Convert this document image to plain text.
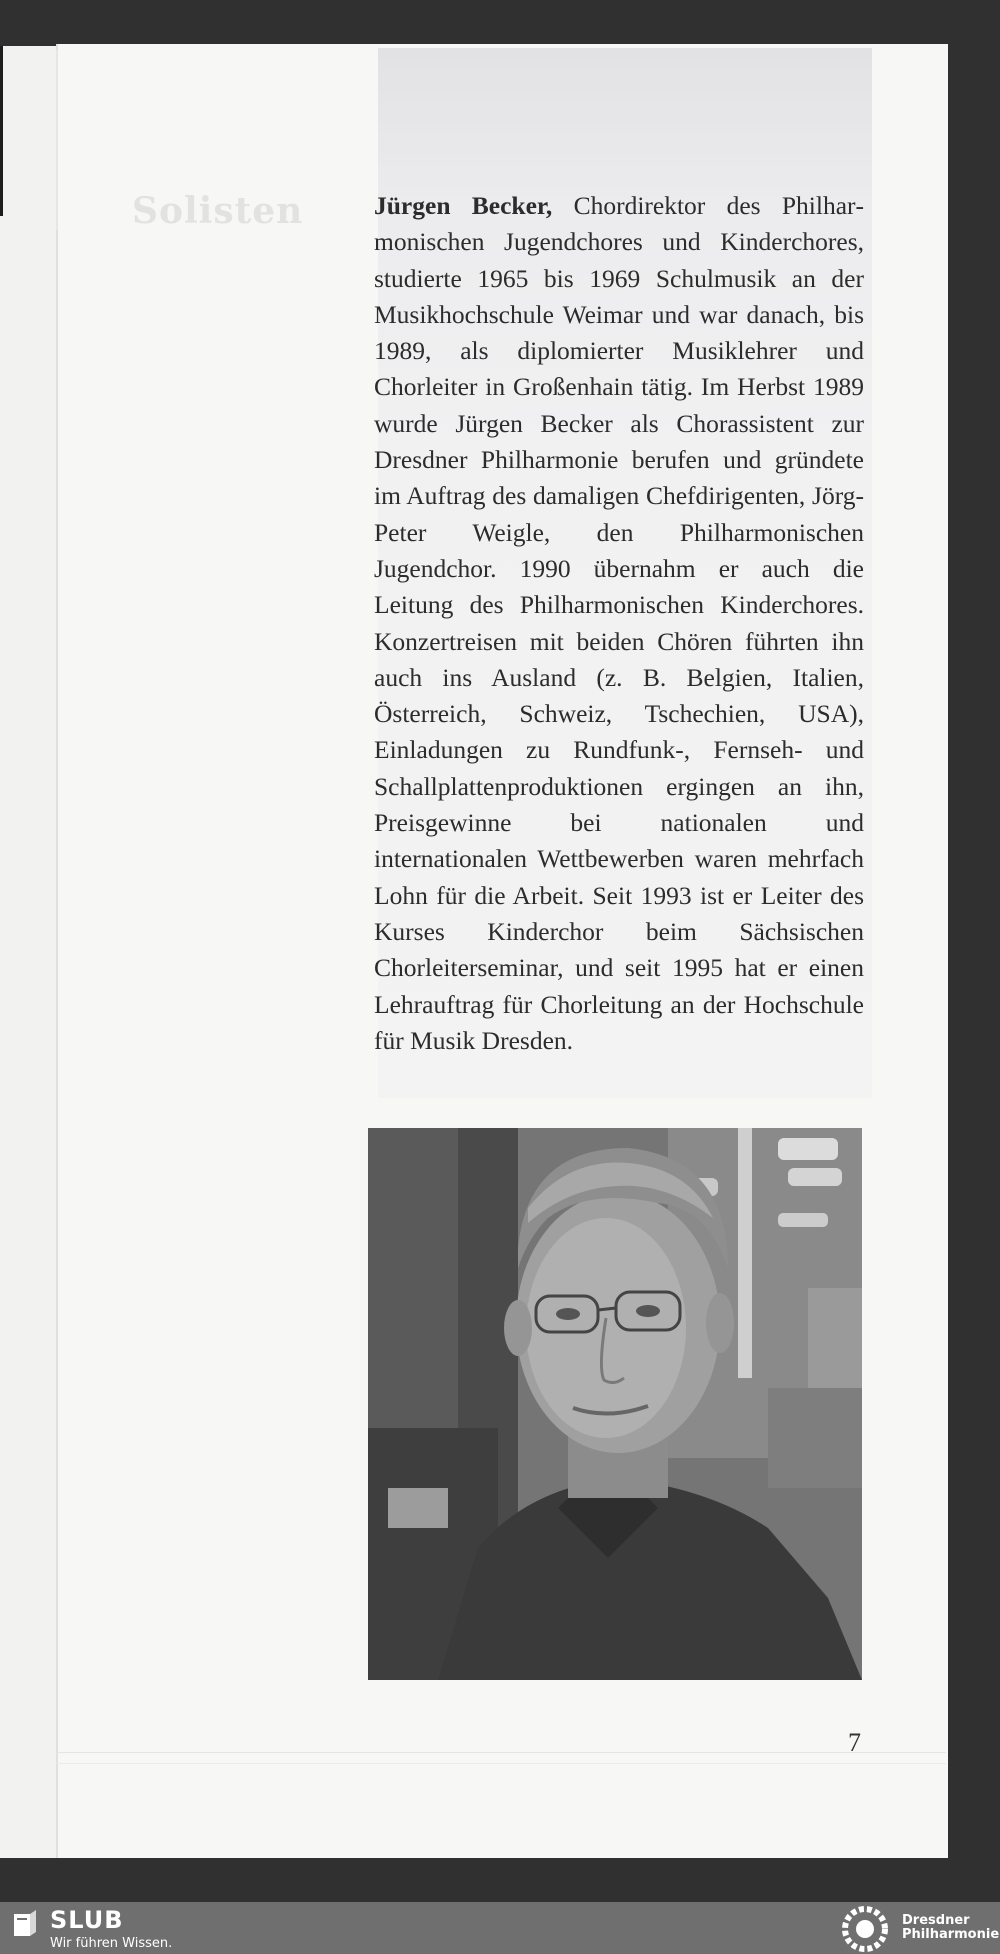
Solisten	Jürgen Becker, Chordirektor des Philharmonischen Jugendchores und Kinderchores, studierte 1965 bis 1969 Schulmusik an der Musikhochschule Weimar und war danach, bis 1989, als diplomierter Musiklehrer und Chorleiter in Großenhain tätig. Im Herbst 1989 wurde Jürgen Becker als Chorassistent zur Dresdner Philharmonie berufen und gründete im Auftrag des damaligen Chefdirigenten, Jörg-Peter Weigle, den Philharmonischen Jugendchor. 1990 übernahm er auch die Leitung des Philharmonischen Kinderchores. Konzertreisen mit beiden Chören führten ihn auch ins Ausland (z. B. Belgien, Italien, Österreich, Schweiz, Tschechien, USA), Einladungen zu Rundfunk-, Fernseh- und Schallplattenproduktionen ergingen an ihn, Preisgewinne bei nationalen und internationalen Wettbewerben waren mehrfach Lohn für die Arbeit. Seit 1993 ist er Leiter des Kurses Kinderchor beim Sächsischen Chorleiterseminar, und seit 1995 hat er einen Lehrauftrag für Chorleitung an der Hochschule für Musik Dresden.

7
SLUB
Wir führen Wissen.
Dresdner
Philharmonie
